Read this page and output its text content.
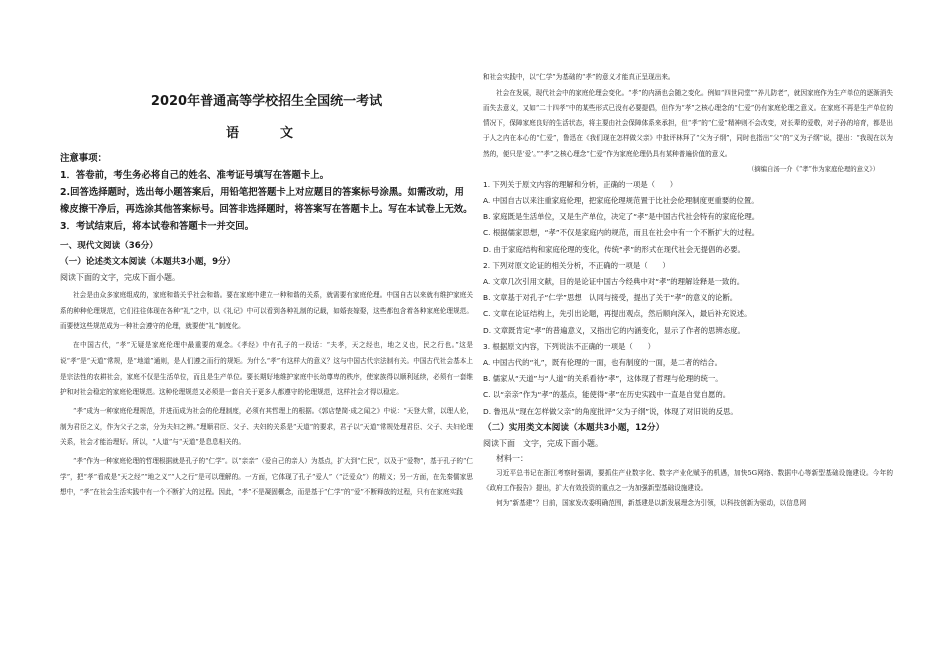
2020年普通高等学校招生全国统一考试
语　文
注意事项：
1．答卷前，考生务必将自己的姓名、准考证号填写在答题卡上。
2.回答选择题时，选出每小题答案后，用铅笔把答题卡上对应题目的答案标号涂黑。如需改动，用橡皮擦干净后，再选涂其他答案标号。回答非选择题时，将答案写在答题卡上。写在本试卷上无效。
3．考试结束后，将本试卷和答题卡一并交回。
一、现代文阅读（36分）
（一）论述类文本阅读（本题共3小题，9分）
阅读下面的文字，完成下面小题。

社会是由众多家庭组成的，家庭和谐关乎社会和谐。要在家庭中建立一种和谐的关系，就需要有家庭伦理。中国自古以来就有维护家庭关系的种种伦理规范，它们往往体现在各种“礼”之中，以《礼记》中可以看到各种礼制的记载，如婚丧嫁娶，这些都包含着各种家庭伦理规范。而要使这些规范成为一种社会遵守的伦理，就要使“礼”制度化。

在中国古代，“孝”无疑是家庭伦理中最重要的观念。《孝经》中有孔子的一段话：“夫孝，天之经也，地之义也，民之行也。”这是说“孝”是“天道”常规，是“地道”通则，是人们遵之而行的规矩。为什么“孝”有这样大的意义？这与中国古代宗法制有关。中国古代社会基本上是宗法性的农耕社会，家庭不仅是生活单位，而且是生产单位。要长期好地维护家庭中长幼尊卑的秩序，使家族得以顺利延续，必须有一套维护和对社会稳定的家庭伦理规范。这种伦理规范又必须是一套自关于更多人都遵守的伦理规范，这样社会才得以稳定。

“孝”成为一种家庭伦理规范，并进而成为社会的伦理制度，必须有其哲理上的根据。《郭店楚简·成之闻之》中说：“天登大常，以理人伦，制为君臣之义，作为父子之亲，分为夫妇之辨。”理顺君臣、父子、夫妇的关系是“天道”的要求，君子以“天道”常规处理君臣、父子、夫妇伦理关系，社会才能治理好。所以，“人道”与“天道”是息息相关的。

“孝”作为一种家庭伦理的哲理根据就是孔子的“仁学”。以“亲亲”（爱自己的亲人）为基点，扩大到“仁民”，以及于“爱物”，基于孔子的“仁学”，把“孝”看成是“天之经”“地之义”“人之行”是可以理解的。一方面，它体现了孔子“爱人”（“泛爱众”）的精义；另一方面，在先秦儒家思想中，“孝”在社会生活实践中有一个不断扩大的过程。因此，“孝”不是凝固概念，而是基于“仁学”的“爱”不断释放的过程，只有在家庭实践

和社会实践中，以“仁学”为基础的“孝”的意义才能真正呈现出来。

社会在发展，现代社会中的家庭伦理会变化。“孝”的内涵也会随之变化。例如“四世同堂”“养儿防老”，就因家庭作为生产单位的逐渐消失而失去意义，又如“二十四孝”中的某些形式已没有必要提倡，但作为“孝”之核心理念的“仁爱”仍有家庭伦理之意义。在家庭不再是生产单位的情况下，保障家庭良好的生活状态，将主要由社会保障体系来承担，但“孝”的“仁爱”精神则不会改变，对长辈的爱敬，对子孙的培育，都是出于人之内在本心的“仁爱”，鲁迅在《我们现在怎样做父亲》中批评林拜了“父为子纲”，同时也指出“父”的“义为子纲”说，提出：“我现在以为然的，便只是‘爱’。”“孝”之核心理念“仁爱”作为家庭伦理仍具有某种普遍价值的意义。

（摘编自汤一介《“孝”作为家庭伦理的意义》）
1. 下列关于原文内容的理解和分析，正确的一项是（　　）
A. 中国自古以来注重家庭伦理，把家庭伦理规范置于比社会伦理制度更重要的位置。
B. 家庭既是生活单位，又是生产单位，决定了“孝”是中国古代社会特有的家庭伦理。
C. 根据儒家思想，“孝”不仅是家庭内的规范，而且在社会中有一个不断扩大的过程。
D. 由于家庭结构和家庭伦理的变化，传统“孝”的形式在现代社会无提倡的必要。
2. 下列对原文论证的相关分析，不正确的一项是（　　）
A. 文章几次引用文献，目的是论证中国古今经典中对“孝”的理解诠释是一致的。
B. 文章基于对孔子“仁学”思想　认同与接受，提出了关于“孝”的意义的论断。
C. 文章在论证结构上，先引出论题，再提出观点，然后顺向深入，最后补充说述。
D. 文章既肯定“孝”的普遍意义，又指出它的内涵变化，显示了作者的思辨态度。
3. 根据原文内容，下列说法不正确的一项是（　　）
A. 中国古代的“礼”，既有伦理的一面，也有制度的一面，是二者的结合。
B. 儒家从“天道”与“人道”的关系看待“孝”，这体现了哲理与伦理的统一。
C. 以“亲亲”作为“孝”的基点，能使得“孝”在历史实践中一直是自觉自愿的。
D. 鲁迅从“现在怎样做父亲”的角度批评“父为子纲”说，体现了对旧说的反思。
（二）实用类文本阅读（本题共3小题，12分）
阅读下面　文字，完成下面小题。
材料一：

习近平总书记在浙江考察时强调，要抓住产业数字化、数字产业化赋予的机遇，加快5G网络、数据中心等新型基础设施建设。今年的《政府工作报告》提出，扩大有效投资的重点之一为加强新型基础设施建设。

何为“新基建”？目前，国家发改委明确范围，新基建是以新发展理念为引领，以科技创新为驱动，以信息网
